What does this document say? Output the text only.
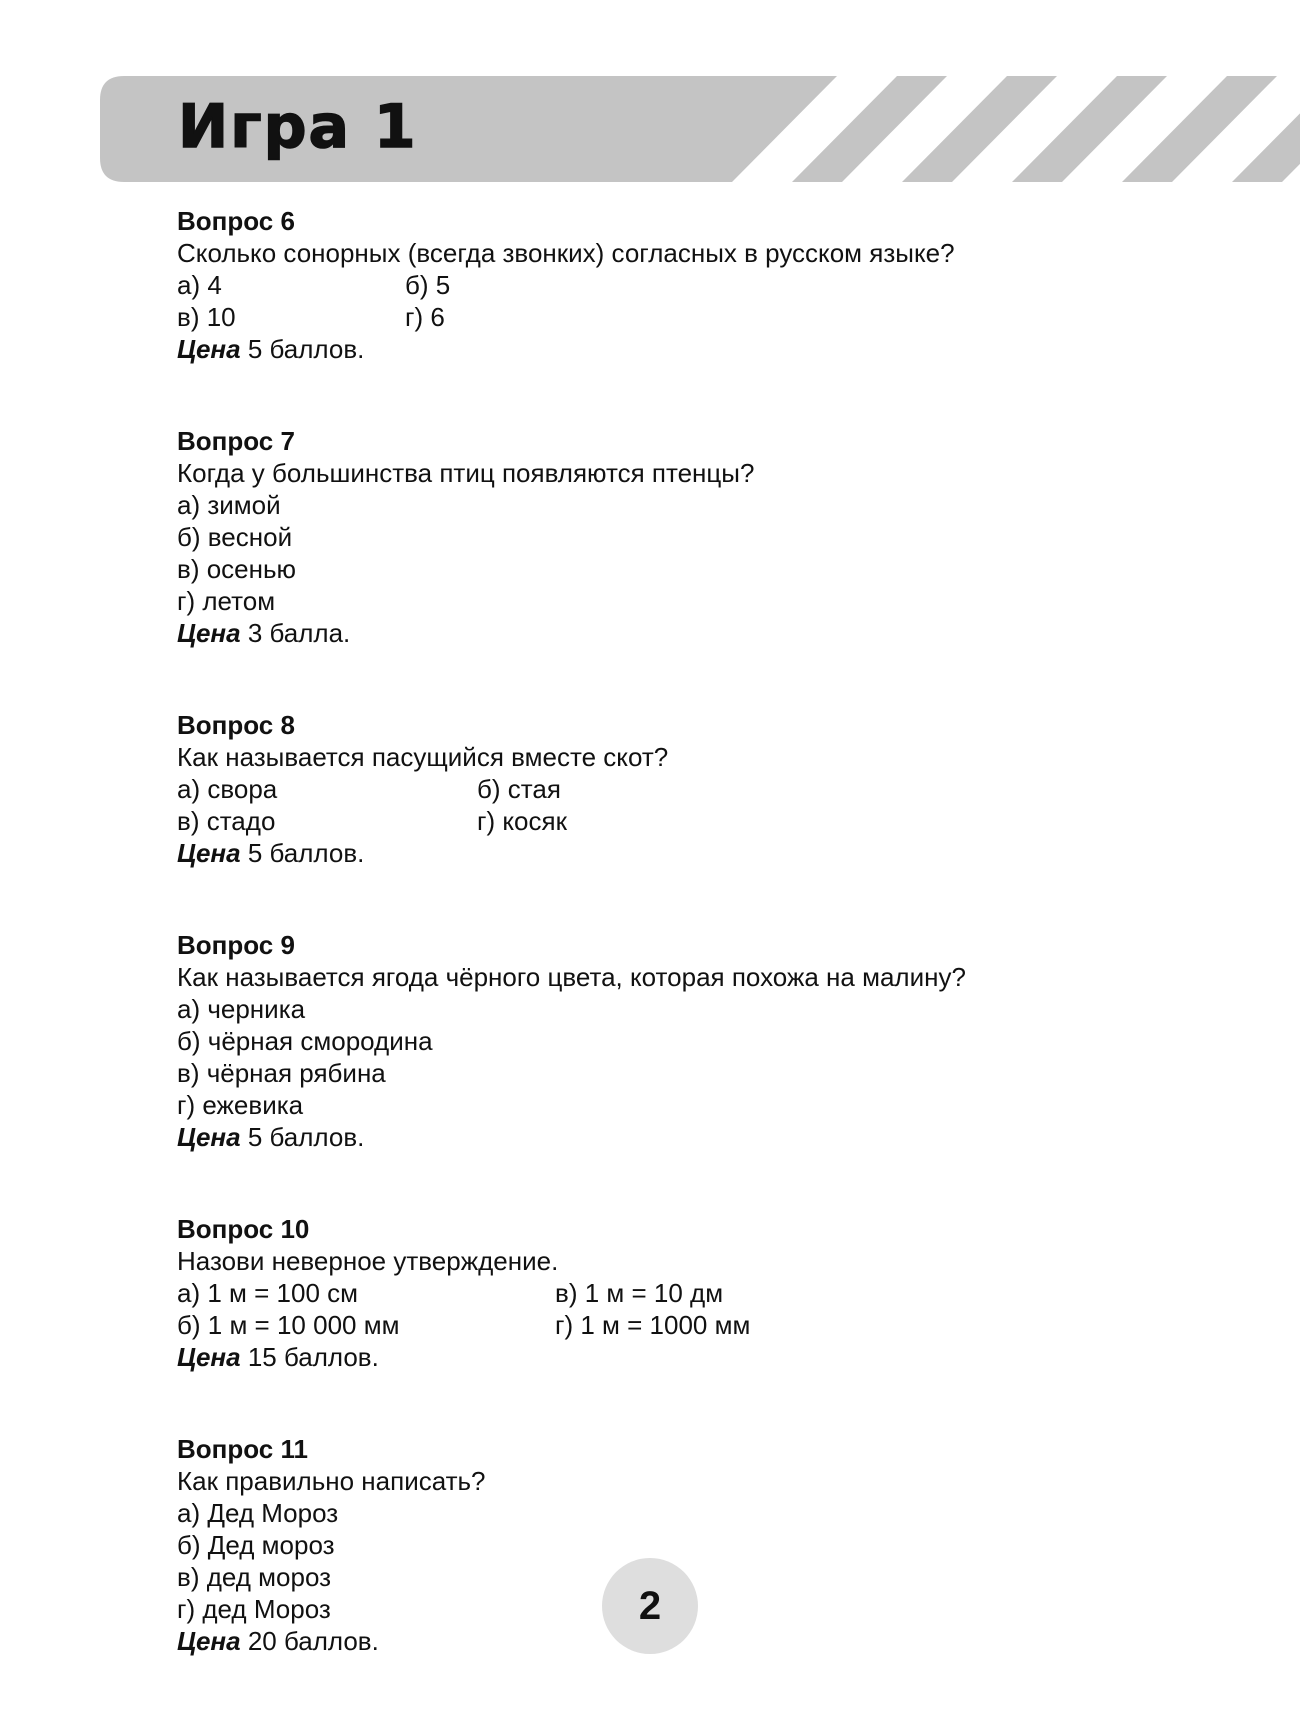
Игра 1

Вопрос 6

Сколько сонорных (всегда звонких) согласных в русском языке?

а) 4	б) 5
в) 10	г) 6

Цена 5 баллов.

Вопрос 7

Когда у большинства птиц появляются птенцы?

а) зимой

б) весной

в) осенью

г) летом

Цена 3 балла.

Вопрос 8

Как называется пасущийся вместе скот?

а) свора	б) стая
в) стадо	г) косяк

Цена 5 баллов.

Вопрос 9

Как называется ягода чёрного цвета, которая похожа на малину?

а) черника

б) чёрная смородина

в) чёрная рябина

г) ежевика

Цена 5 баллов.

Вопрос 10

Назови неверное утверждение.

а) 1 м = 100 см	в) 1 м = 10 дм
б) 1 м = 10 000 мм	г) 1 м = 1000 мм

Цена 15 баллов.

Вопрос 11

Как правильно написать?

а) Дед Мороз

б) Дед мороз

в) дед мороз

г) дед Мороз

Цена 20 баллов.

2
